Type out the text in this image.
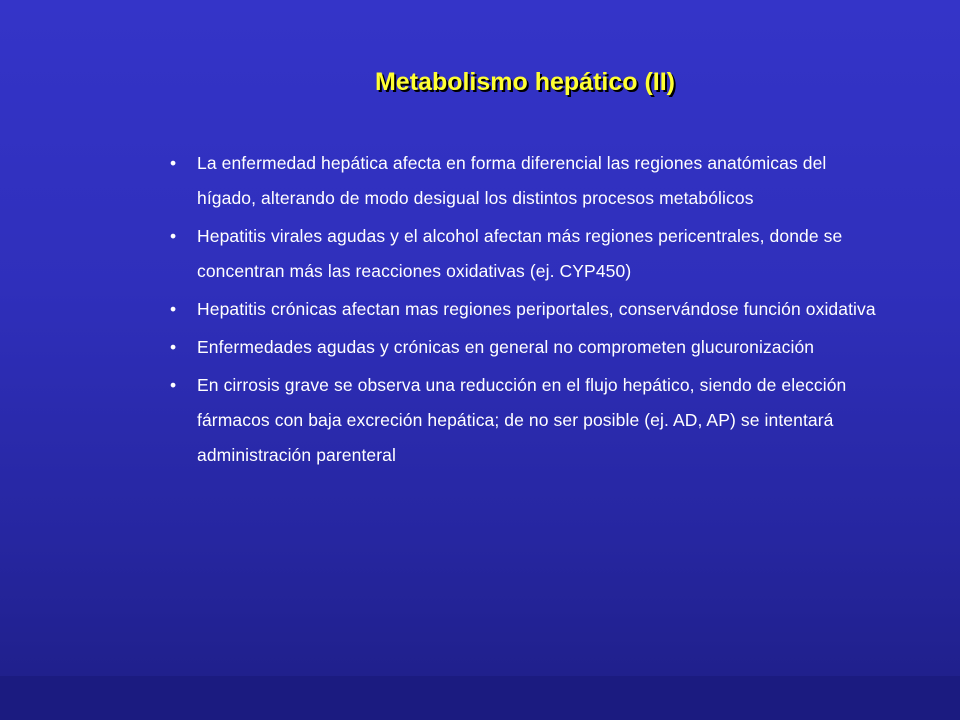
Metabolismo hepático (II)
• La enfermedad hepática afecta en forma diferencial las regiones anatómicas del hígado, alterando de modo desigual los distintos procesos metabólicos
• Hepatitis virales agudas y el alcohol afectan más regiones pericentrales, donde se concentran más las reacciones oxidativas (ej. CYP450)
• Hepatitis crónicas afectan mas regiones periportales, conservándose función oxidativa
• Enfermedades agudas y crónicas en general no comprometen glucuronización
• En cirrosis grave se observa una reducción en el flujo hepático, siendo de elección fármacos con baja excreción hepática; de no ser posible (ej. AD, AP) se intentará administración parenteral
